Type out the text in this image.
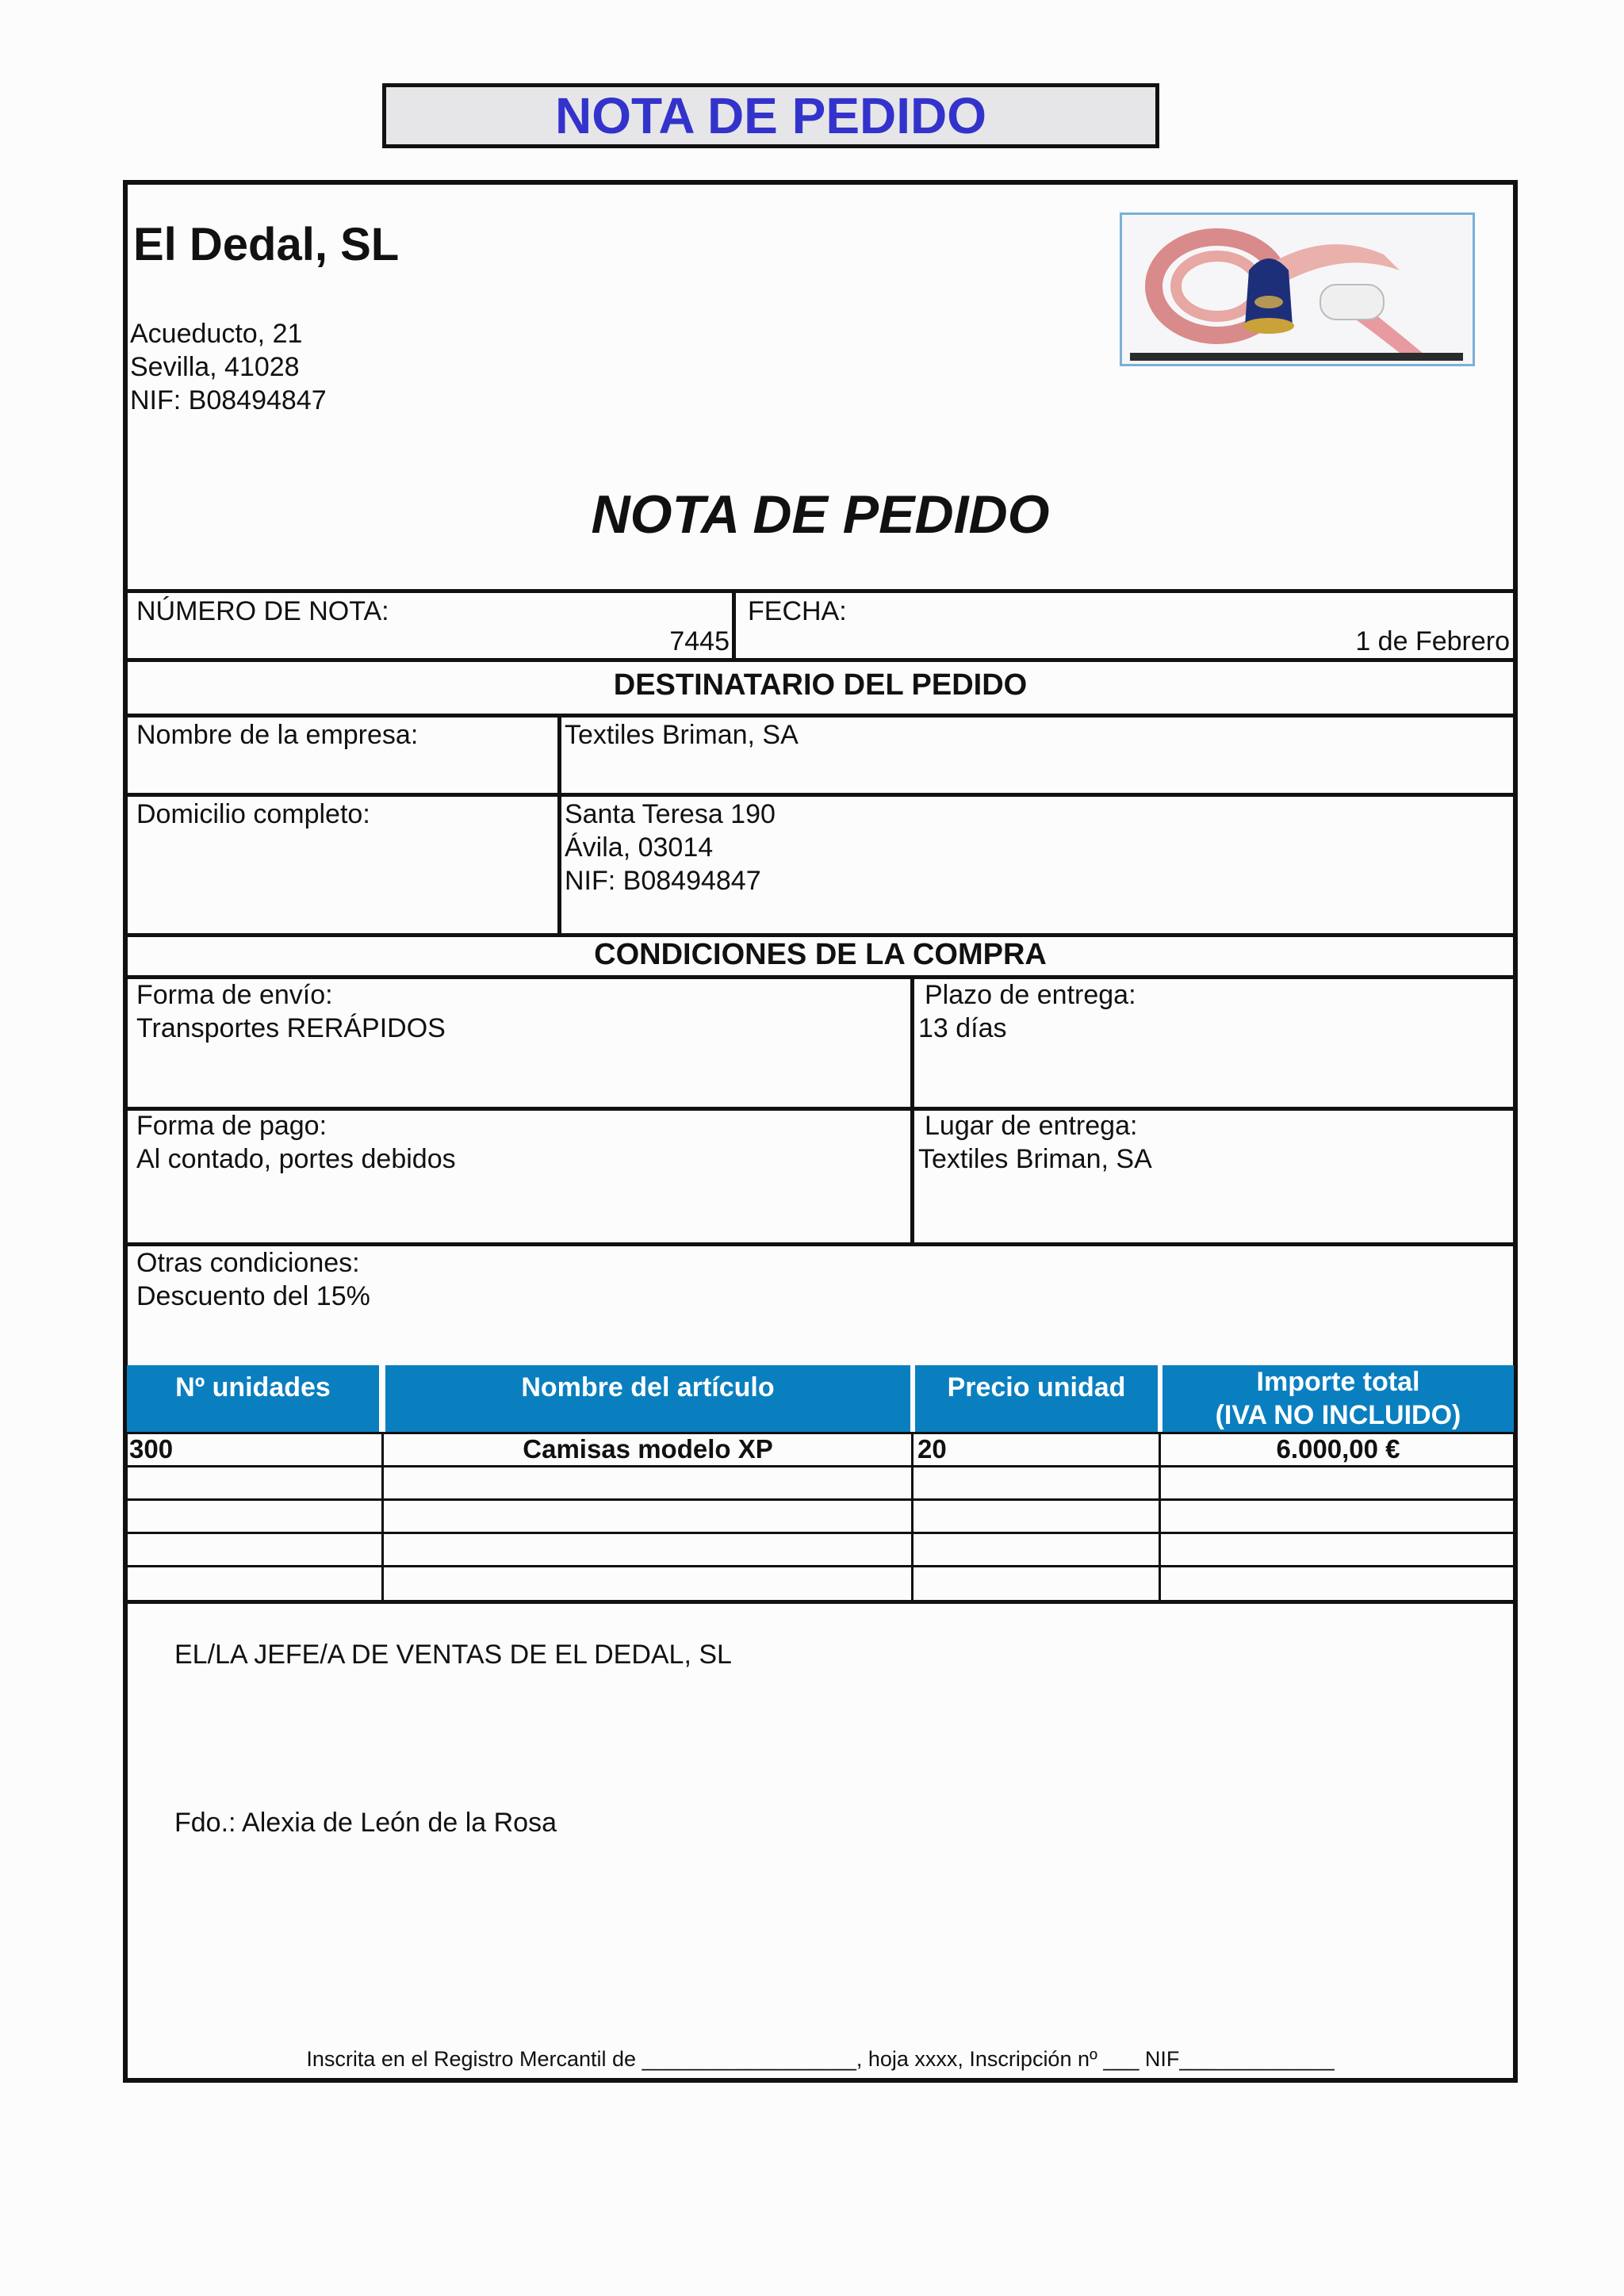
NOTA DE PEDIDO
El Dedal, SL
Acueducto, 21
Sevilla, 41028
NIF: B08494847
NOTA DE PEDIDO
NÚMERO DE NOTA:
7445
FECHA:
1 de Febrero
DESTINATARIO DEL PEDIDO
Nombre de la empresa:	Textiles Briman, SA
Domicilio completo:	Santa Teresa 190
Ávila, 03014
NIF: B08494847
CONDICIONES DE LA COMPRA
Forma de envío:
Transportes RERÁPIDOS
Plazo de entrega:
13 días
Forma de pago:
Al contado, portes debidos
Lugar de entrega:
Textiles Briman, SA
Otras condiciones:
Descuento del 15%
Nº unidades	Nombre del artículo	Precio unidad	Importe total
(IVA NO INCLUIDO)
300	Camisas modelo XP	20	6.000,00 €
EL/LA JEFE/A DE VENTAS DE EL DEDAL, SL
Fdo.: Alexia de León de la Rosa
Inscrita en el Registro Mercantil de __________________, hoja xxxx, Inscripción nº ___ NIF_____________
